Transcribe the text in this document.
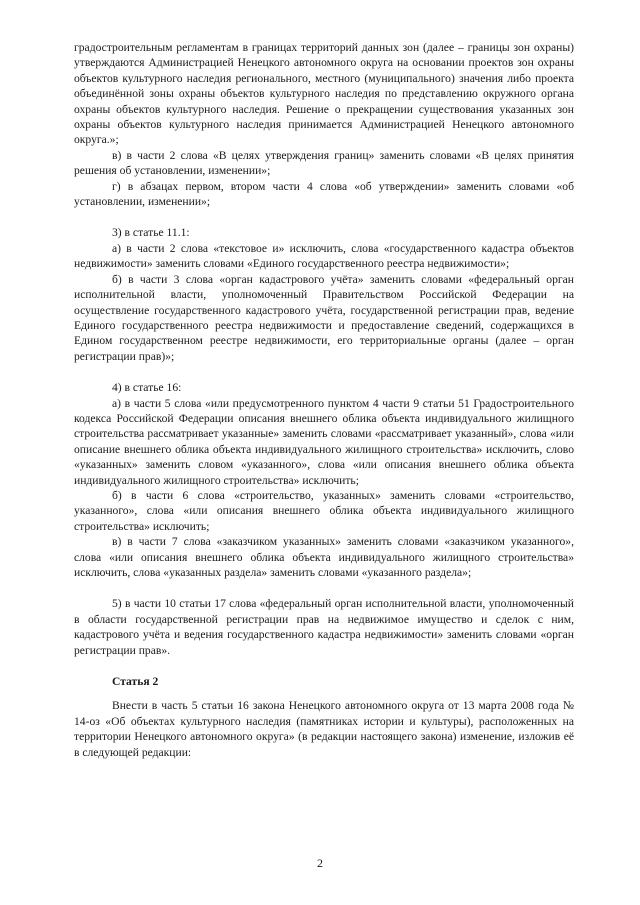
градостроительным регламентам в границах территорий данных зон (далее – границы зон охраны) утверждаются Администрацией Ненецкого автономного округа на основании проектов зон охраны объектов культурного наследия регионального, местного (муниципального) значения либо проекта объединённой зоны охраны объектов культурного наследия по представлению окружного органа охраны объектов культурного наследия. Решение о прекращении существования указанных зон охраны объектов культурного наследия принимается Администрацией Ненецкого автономного округа.»;

в) в части 2 слова «В целях утверждения границ» заменить словами «В целях принятия решения об установлении, изменении»;

г) в абзацах первом, втором части 4 слова «об утверждении» заменить словами «об установлении, изменении»;

3) в статье 11.1:

а) в части 2 слова «текстовое и» исключить, слова «государственного кадастра объектов недвижимости» заменить словами «Единого государственного реестра недвижимости»;

б) в части 3 слова «орган кадастрового учёта» заменить словами «федеральный орган исполнительной власти, уполномоченный Правительством Российской Федерации на осуществление государственного кадастрового учёта, государственной регистрации прав, ведение Единого государственного реестра недвижимости и предоставление сведений, содержащихся в Едином государственном реестре недвижимости, его территориальные органы (далее – орган регистрации прав)»;

4) в статье 16:

а) в части 5 слова «или предусмотренного пунктом 4 части 9 статьи 51 Градостроительного кодекса Российской Федерации описания внешнего облика объекта индивидуального жилищного строительства рассматривает указанные» заменить словами «рассматривает указанный», слова «или описание внешнего облика объекта индивидуального жилищного строительства» исключить, слово «указанных» заменить словом «указанного», слова «или описания внешнего облика объекта индивидуального жилищного строительства» исключить;

б) в части 6 слова «строительство, указанных» заменить словами «строительство, указанного», слова «или описания внешнего облика объекта индивидуального жилищного строительства» исключить;

в) в части 7 слова «заказчиком указанных» заменить словами «заказчиком указанного», слова «или описания внешнего облика объекта индивидуального жилищного строительства» исключить, слова «указанных раздела» заменить словами «указанного раздела»;

5) в части 10 статьи 17 слова «федеральный орган исполнительной власти, уполномоченный в области государственной регистрации прав на недвижимое имущество и сделок с ним, кадастрового учёта и ведения государственного кадастра недвижимости» заменить словами «орган регистрации прав».

Статья 2

Внести в часть 5 статьи 16 закона Ненецкого автономного округа от 13 марта 2008 года № 14-оз «Об объектах культурного наследия (памятниках истории и культуры), расположенных на территории Ненецкого автономного округа» (в редакции настоящего закона) изменение, изложив её в следующей редакции:

2
